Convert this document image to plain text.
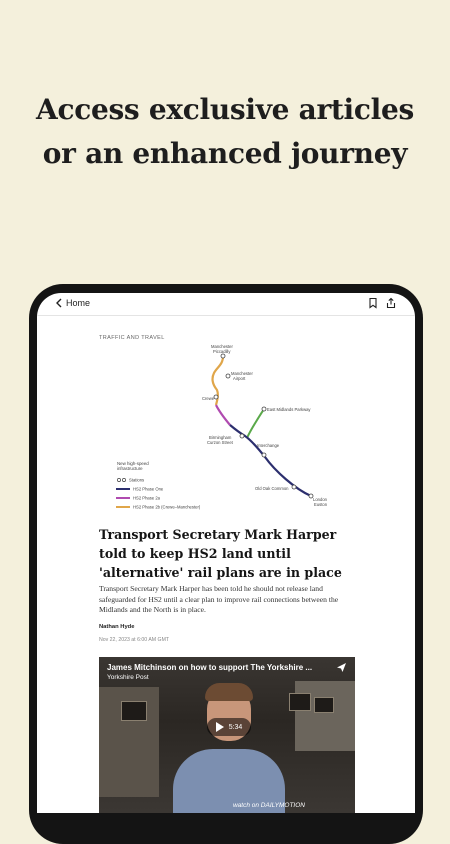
Access exclusive articles
or an enhanced journey
Home
TRAFFIC AND TRAVEL
Manchester
Piccadilly
Manchester
Airport
Crewe
East Midlands Parkway
Birmingham
Curzon Street
Interchange
Old Oak Common
London
Euston
New high-speed
infrastructure
Stations
HS2 Phase One
HS2 Phase 2a
HS2 Phase 2b (Crewe–Manchester)
Transport Secretary Mark Harper told to keep HS2 land until 'alternative' rail plans are in place
Transport Secretary Mark Harper has been told he should not release land safeguarded for HS2 until a clear plan to improve rail connections between the Midlands and the North is in place.
Nathan Hyde
Nov 22, 2023 at 6:00 AM GMT
James Mitchinson on how to support The Yorkshire ...
Yorkshire Post
5:34
watch on DAILYMOTION
